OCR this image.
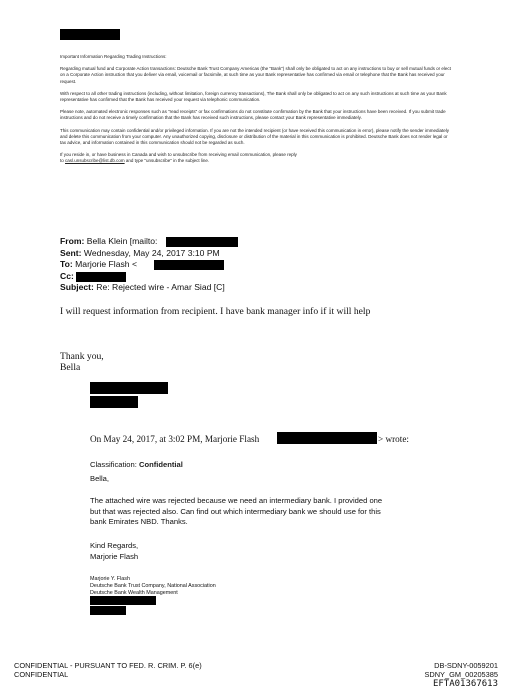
Important Information Regarding Trading Instructions:

Regarding mutual fund and Corporate Action transactions: Deutsche Bank Trust Company Americas (the "Bank") shall only be obligated to act on any instructions to buy or sell mutual funds or elect on a Corporate Action instruction that you deliver via email, voicemail or facsimile, at such time as your Bank representative has confirmed via email or telephone that the Bank has received your request.

With respect to all other trading instructions (including, without limitation, foreign currency transactions), The Bank shall only be obligated to act on any such instructions at such time as your Bank representative has confirmed that the Bank has received your request via telephonic communication.

Please note, automated electronic responses such as "read receipts" or fax confirmations do not constitute confirmation by the Bank that your instructions have been received. If you submit trade instructions and do not receive a timely confirmation that the Bank has received such instructions, please contact your Bank representative immediately.

This communication may contain confidential and/or privileged information. If you are not the intended recipient (or have received this communication in error), please notify the sender immediately and delete this communication from your computer. Any unauthorized copying, disclosure or distribution of the material in this communication is prohibited. Deutsche Bank does not render legal or tax advice, and information contained in this communication should not be regarded as such.

If you reside in, or have business in Canada and wish to unsubscribe from receiving email communication, please reply
to casl.unsubscribe@list.db.com and type "unsubscribe" in the subject line.

From: Bella Klein [mailto:
Sent: Wednesday, May 24, 2017 3:10 PM
To: Marjorie Flash <
Cc:
Subject: Re: Rejected wire - Amar Siad [C]
I will request information from recipient. I have bank manager info if it will help
Thank you,
Bella
On May 24, 2017, at 3:02 PM, Marjorie Flash	> wrote:
Classification: Confidential
Bella,
The attached wire was rejected because we need an intermediary bank. I provided one
but that was rejected also. Can find out which intermediary bank we should use for this
bank Emirates NBD. Thanks.
Kind Regards,
Marjorie Flash
Marjorie Y. Flash
Deutsche Bank Trust Company, National Association
Deutsche Bank Wealth Management
CONFIDENTIAL - PURSUANT TO FED. R. CRIM. P. 6(e)
CONFIDENTIAL
DB-SDNY-0059201
SDNY_GM_00205385
EFTA01367613
